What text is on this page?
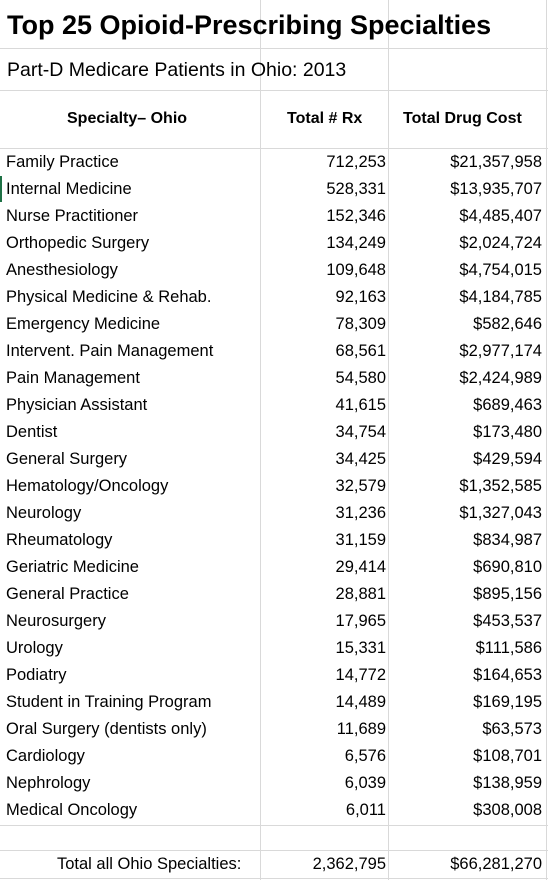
Top 25 Opioid-Prescribing Specialties
Part-D Medicare Patients in Ohio: 2013
Specialty– Ohio	Total # Rx	Total Drug Cost
Family Practice	712,253	$21,357,958
Internal Medicine	528,331	$13,935,707
Nurse Practitioner	152,346	$4,485,407
Orthopedic Surgery	134,249	$2,024,724
Anesthesiology	109,648	$4,754,015
Physical Medicine & Rehab.	92,163	$4,184,785
Emergency Medicine	78,309	$582,646
Intervent. Pain Management	68,561	$2,977,174
Pain Management	54,580	$2,424,989
Physician Assistant	41,615	$689,463
Dentist	34,754	$173,480
General Surgery	34,425	$429,594
Hematology/Oncology	32,579	$1,352,585
Neurology	31,236	$1,327,043
Rheumatology	31,159	$834,987
Geriatric Medicine	29,414	$690,810
General Practice	28,881	$895,156
Neurosurgery	17,965	$453,537
Urology	15,331	$111,586
Podiatry	14,772	$164,653
Student in Training Program	14,489	$169,195
Oral Surgery (dentists only)	11,689	$63,573
Cardiology	6,576	$108,701
Nephrology	6,039	$138,959
Medical Oncology	6,011	$308,008
Total all Ohio Specialties:	2,362,795	$66,281,270
